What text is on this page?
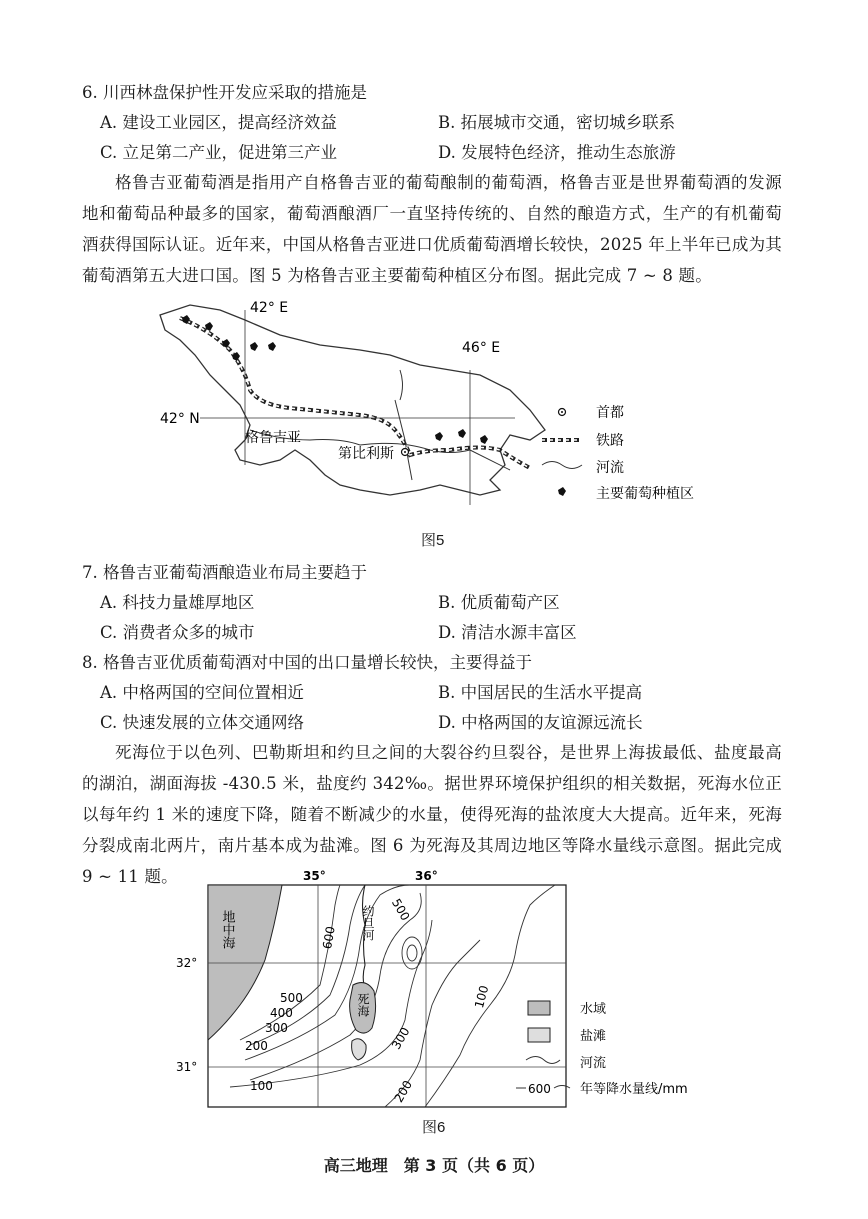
6. 川西林盘保护性开发应采取的措施是
A. 建设工业园区，提高经济效益	B. 拓展城市交通，密切城乡联系
C. 立足第二产业，促进第三产业	D. 发展特色经济，推动生态旅游
格鲁吉亚葡萄酒是指用产自格鲁吉亚的葡萄酿制的葡萄酒，格鲁吉亚是世界葡萄酒的发源地和葡萄品种最多的国家，葡萄酒酿酒厂一直坚持传统的、自然的酿造方式，生产的有机葡萄酒获得国际认证。近年来，中国从格鲁吉亚进口优质葡萄酒增长较快，2025 年上半年已成为其葡萄酒第五大进口国。图 5 为格鲁吉亚主要葡萄种植区分布图。据此完成 7 ~ 8 题。
42° E
46° E
42° N
格鲁吉亚
第比利斯
首都
铁路
河流
主要葡萄种植区
图5
7. 格鲁吉亚葡萄酒酿造业布局主要趋于
A. 科技力量雄厚地区	B. 优质葡萄产区
C. 消费者众多的城市	D. 清洁水源丰富区
8. 格鲁吉亚优质葡萄酒对中国的出口量增长较快，主要得益于
A. 中格两国的空间位置相近	B. 中国居民的生活水平提高
C. 快速发展的立体交通网络	D. 中格两国的友谊源远流长
死海位于以色列、巴勒斯坦和约旦之间的大裂谷约旦裂谷，是世界上海拔最低、盐度最高的湖泊，湖面海拔 -430.5 米，盐度约 342‰。据世界环境保护组织的相关数据，死海水位正以每年约 1 米的速度下降，随着不断减少的水量，使得死海的盐浓度大大提高。近年来，死海分裂成南北两片，南片基本成为盐滩。图 6 为死海及其周边地区等降水量线示意图。据此完成 9 ~ 11 题。	35°	36°
32°
31°
地中海	约旦河
死海
600
500
500
400
300	300
200
200
100
100
水域
盐滩
河流
600 年等降水量线/mm
图6
高三地理　第 3 页（共 6 页）
